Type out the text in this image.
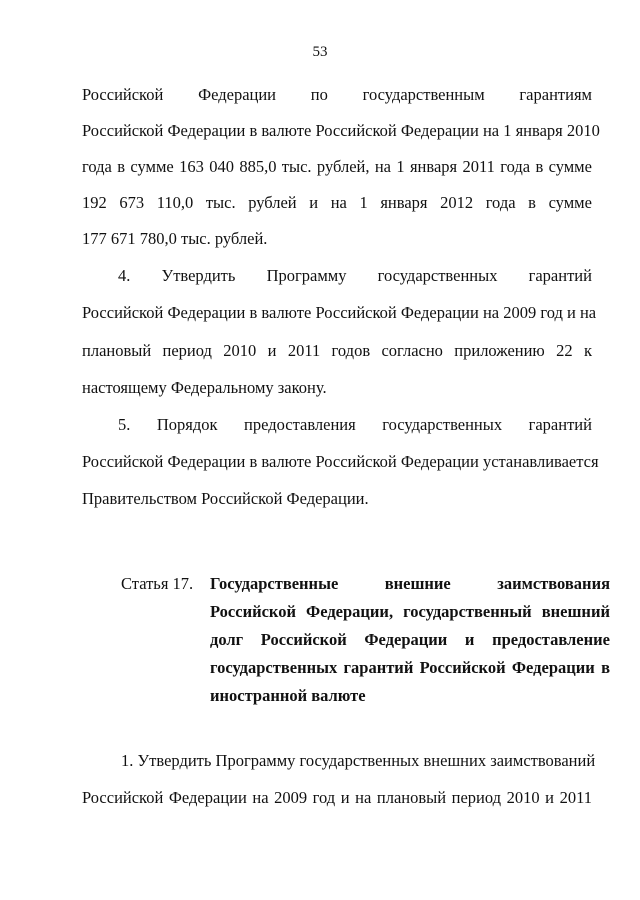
53
Российской Федерации по государственным гарантиям
Российской Федерации в валюте Российской Федерации на 1 января 2010
года в сумме 163 040 885,0 тыс. рублей, на 1 января 2011 года в сумме
192 673 110,0 тыс. рублей и на 1 января 2012 года в сумме
177 671 780,0 тыс. рублей.
4. Утвердить Программу государственных гарантий
Российской Федерации в валюте Российской Федерации на 2009 год и на
плановый период 2010 и 2011 годов согласно приложению 22 к
настоящему Федеральному закону.
5. Порядок предоставления государственных гарантий
Российской Федерации в валюте Российской Федерации устанавливается
Правительством Российской Федерации.
Статья 17. Государственные	внешние	заимствования
Российской Федерации, государственный внешний
долг Российской Федерации и предоставление
государственных гарантий Российской Федерации в
иностранной валюте
1. Утвердить Программу государственных внешних заимствований
Российской Федерации на 2009 год и на плановый период 2010 и 2011
